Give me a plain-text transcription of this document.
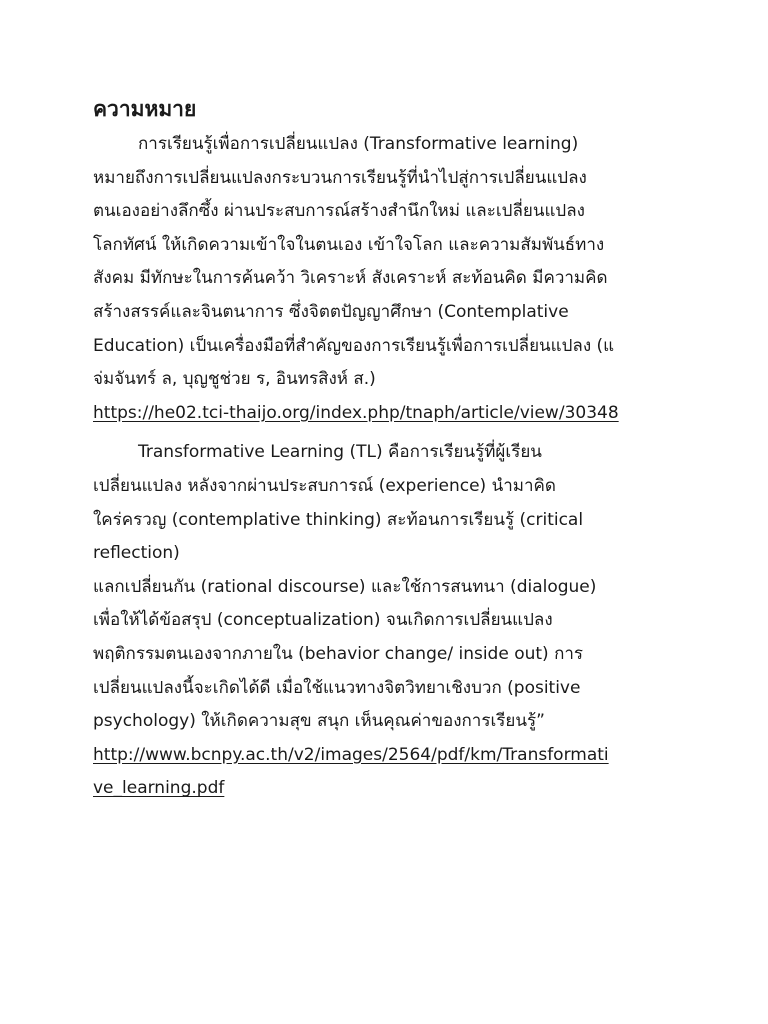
ความหมาย
การเรียนรู้เพื่อการเปลี่ยนแปลง (Transformative learning)
หมายถึงการเปลี่ยนแปลงกระบวนการเรียนรู้ที่นำไปสู่การเปลี่ยนแปลง
ตนเองอย่างลึกซึ้ง ผ่านประสบการณ์สร้างสำนึกใหม่ และเปลี่ยนแปลง
โลกทัศน์ ให้เกิดความเข้าใจในตนเอง เข้าใจโลก และความสัมพันธ์ทาง
สังคม มีทักษะในการค้นคว้า วิเคราะห์ สังเคราะห์ สะท้อนคิด มีความคิด
สร้างสรรค์และจินตนาการ ซึ่งจิตตปัญญาศึกษา (Contemplative
Education) เป็นเครื่องมือที่สำคัญของการเรียนรู้เพื่อการเปลี่ยนแปลง (แ
จ่มจันทร์ ล, บุญชูช่วย ร, อินทรสิงห์ ส.)
https://he02.tci-thaijo.org/index.php/tnaph/article/view/30348
Transformative Learning (TL) คือการเรียนรู้ที่ผู้เรียน
เปลี่ยนแปลง หลังจากผ่านประสบการณ์ (experience) นำมาคิด
ใคร่ครวญ (contemplative thinking) สะท้อนการเรียนรู้ (critical
reflection)
แลกเปลี่ยนกัน (rational discourse) และใช้การสนทนา (dialogue)
เพื่อให้ได้ข้อสรุป (conceptualization) จนเกิดการเปลี่ยนแปลง
พฤติกรรมตนเองจากภายใน (behavior change/ inside out) การ
เปลี่ยนแปลงนี้จะเกิดได้ดี เมื่อใช้แนวทางจิตวิทยาเชิงบวก (positive
psychology) ให้เกิดความสุข สนุก เห็นคุณค่าของการเรียนรู้”
http://www.bcnpy.ac.th/v2/images/2564/pdf/km/Transformati
ve_learning.pdf
